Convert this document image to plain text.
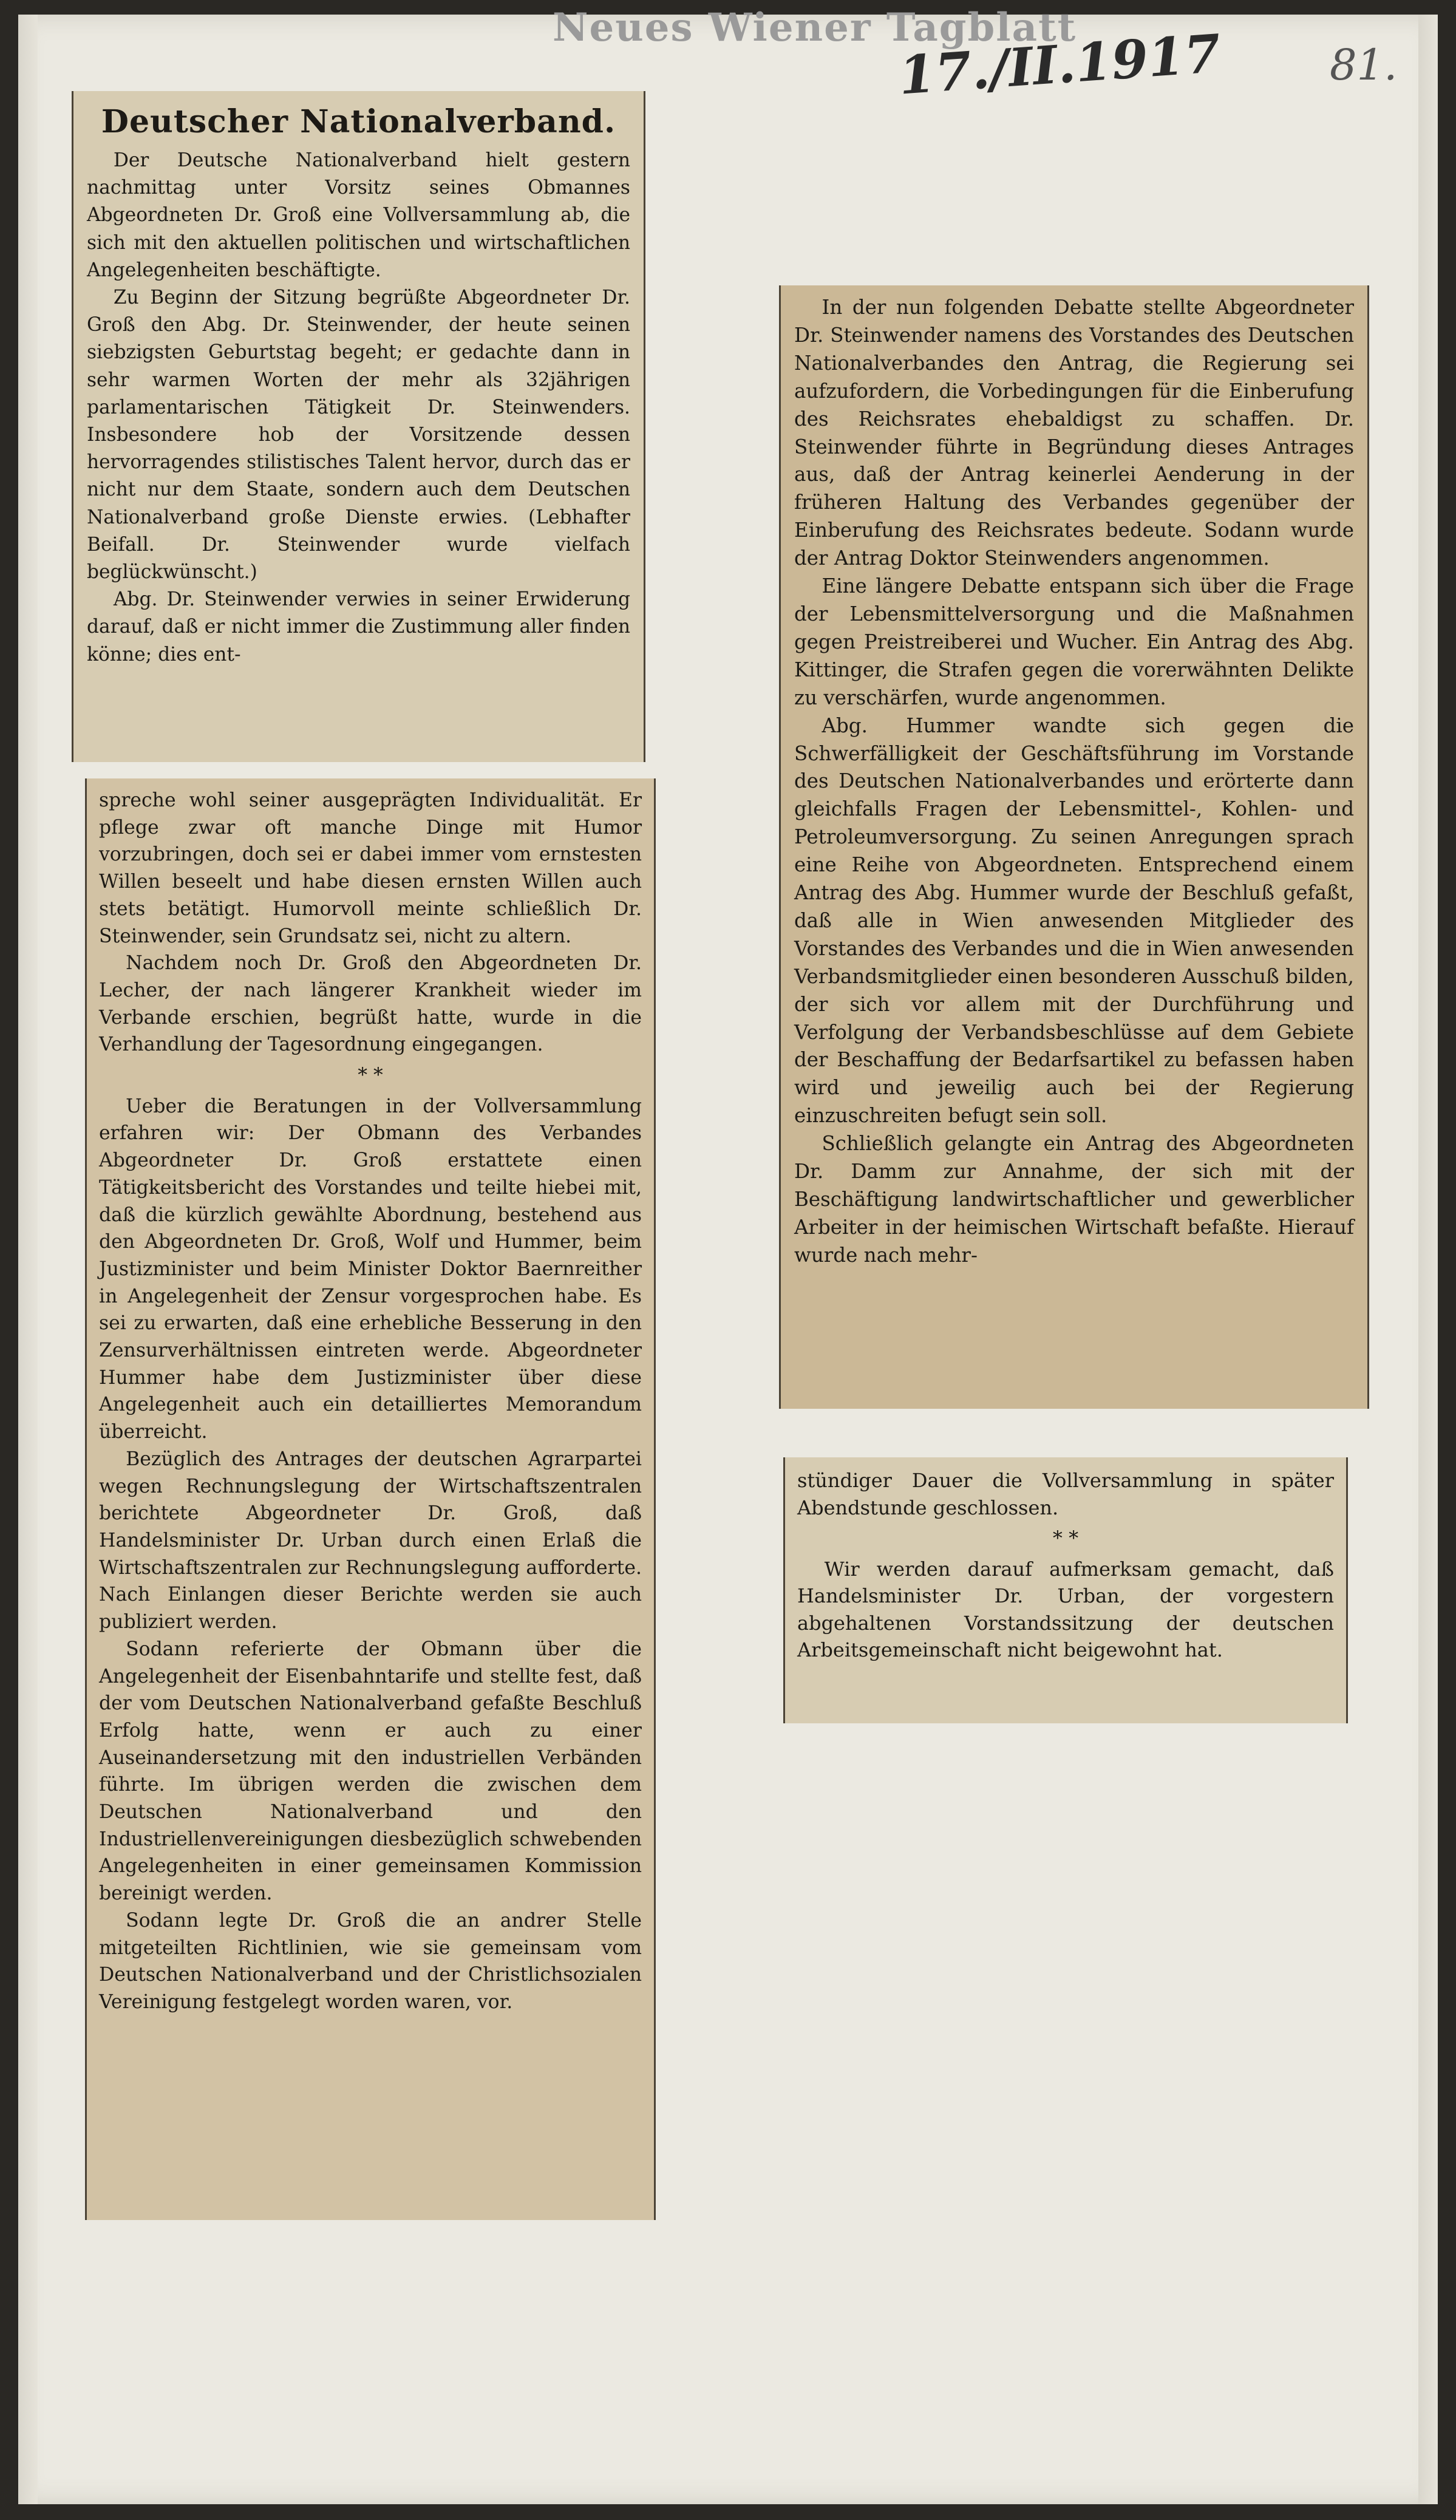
Neues Wiener Tagblatt
17./II.1917	81.

Deutscher Nationalverband.

Der Deutsche Nationalverband hielt gestern nachmittag unter Vorsitz seines Obmannes Abgeordneten Dr. Groß eine Vollversammlung ab, die sich mit den aktuellen politischen und wirtschaftlichen Angelegenheiten beschäftigte.

Zu Beginn der Sitzung begrüßte Abgeordneter Dr. Groß den Abg. Dr. Steinwender, der heute seinen siebzigsten Geburtstag begeht; er gedachte dann in sehr warmen Worten der mehr als 32jährigen parlamentarischen Tätigkeit Dr. Steinwenders. Insbesondere hob der Vorsitzende dessen hervorragendes stilistisches Talent hervor, durch das er nicht nur dem Staate, sondern auch dem Deutschen Nationalverband große Dienste erwies. (Lebhafter Beifall. Dr. Steinwender wurde vielfach beglückwünscht.)

Abg. Dr. Steinwender verwies in seiner Erwiderung darauf, daß er nicht immer die Zustimmung aller finden könne; dies ent-

spreche wohl seiner ausgeprägten Individualität. Er pflege zwar oft manche Dinge mit Humor vorzubringen, doch sei er dabei immer vom ernstesten Willen beseelt und habe diesen ernsten Willen auch stets betätigt. Humorvoll meinte schließlich Dr. Steinwender, sein Grundsatz sei, nicht zu altern.

Nachdem noch Dr. Groß den Abgeordneten Dr. Lecher, der nach längerer Krankheit wieder im Verbande erschien, begrüßt hatte, wurde in die Verhandlung der Tagesordnung eingegangen.

* *

Ueber die Beratungen in der Vollversammlung erfahren wir: Der Obmann des Verbandes Abgeordneter Dr. Groß erstattete einen Tätigkeitsbericht des Vorstandes und teilte hiebei mit, daß die kürzlich gewählte Abordnung, bestehend aus den Abgeordneten Dr. Groß, Wolf und Hummer, beim Justizminister und beim Minister Doktor Baernreither in Angelegenheit der Zensur vorgesprochen habe. Es sei zu erwarten, daß eine erhebliche Besserung in den Zensurverhältnissen eintreten werde. Abgeordneter Hummer habe dem Justizminister über diese Angelegenheit auch ein detailliertes Memorandum überreicht.

Bezüglich des Antrages der deutschen Agrarpartei wegen Rechnungslegung der Wirtschaftszentralen berichtete Abgeordneter Dr. Groß, daß Handelsminister Dr. Urban durch einen Erlaß die Wirtschaftszentralen zur Rechnungslegung aufforderte. Nach Einlangen dieser Berichte werden sie auch publiziert werden.

Sodann referierte der Obmann über die Angelegenheit der Eisenbahntarife und stellte fest, daß der vom Deutschen Nationalverband gefaßte Beschluß Erfolg hatte, wenn er auch zu einer Auseinandersetzung mit den industriellen Verbänden führte. Im übrigen werden die zwischen dem Deutschen Nationalverband und den Industriellenvereinigungen diesbezüglich schwebenden Angelegenheiten in einer gemeinsamen Kommission bereinigt werden.

Sodann legte Dr. Groß die an andrer Stelle mitgeteilten Richtlinien, wie sie gemeinsam vom Deutschen Nationalverband und der Christlichsozialen Vereinigung festgelegt worden waren, vor.

In der nun folgenden Debatte stellte Abgeordneter Dr. Steinwender namens des Vorstandes des Deutschen Nationalverbandes den Antrag, die Regierung sei aufzufordern, die Vorbedingungen für die Einberufung des Reichsrates ehebaldigst zu schaffen. Dr. Steinwender führte in Begründung dieses Antrages aus, daß der Antrag keinerlei Aenderung in der früheren Haltung des Verbandes gegenüber der Einberufung des Reichsrates bedeute. Sodann wurde der Antrag Doktor Steinwenders angenommen.

Eine längere Debatte entspann sich über die Frage der Lebensmittelversorgung und die Maßnahmen gegen Preistreiberei und Wucher. Ein Antrag des Abg. Kittinger, die Strafen gegen die vorerwähnten Delikte zu verschärfen, wurde angenommen.

Abg. Hummer wandte sich gegen die Schwerfälligkeit der Geschäftsführung im Vorstande des Deutschen Nationalverbandes und erörterte dann gleichfalls Fragen der Lebensmittel-, Kohlen- und Petroleumversorgung. Zu seinen Anregungen sprach eine Reihe von Abgeordneten. Entsprechend einem Antrag des Abg. Hummer wurde der Beschluß gefaßt, daß alle in Wien anwesenden Mitglieder des Vorstandes des Verbandes und die in Wien anwesenden Verbandsmitglieder einen besonderen Ausschuß bilden, der sich vor allem mit der Durchführung und Verfolgung der Verbandsbeschlüsse auf dem Gebiete der Beschaffung der Bedarfsartikel zu befassen haben wird und jeweilig auch bei der Regierung einzuschreiten befugt sein soll.

Schließlich gelangte ein Antrag des Abgeordneten Dr. Damm zur Annahme, der sich mit der Beschäftigung landwirtschaftlicher und gewerblicher Arbeiter in der heimischen Wirtschaft befaßte. Hierauf wurde nach mehr-

stündiger Dauer die Vollversammlung in später Abendstunde geschlossen.

* *

Wir werden darauf aufmerksam gemacht, daß Handelsminister Dr. Urban, der vorgestern abgehaltenen Vorstandssitzung der deutschen Arbeitsgemeinschaft nicht beigewohnt hat.
